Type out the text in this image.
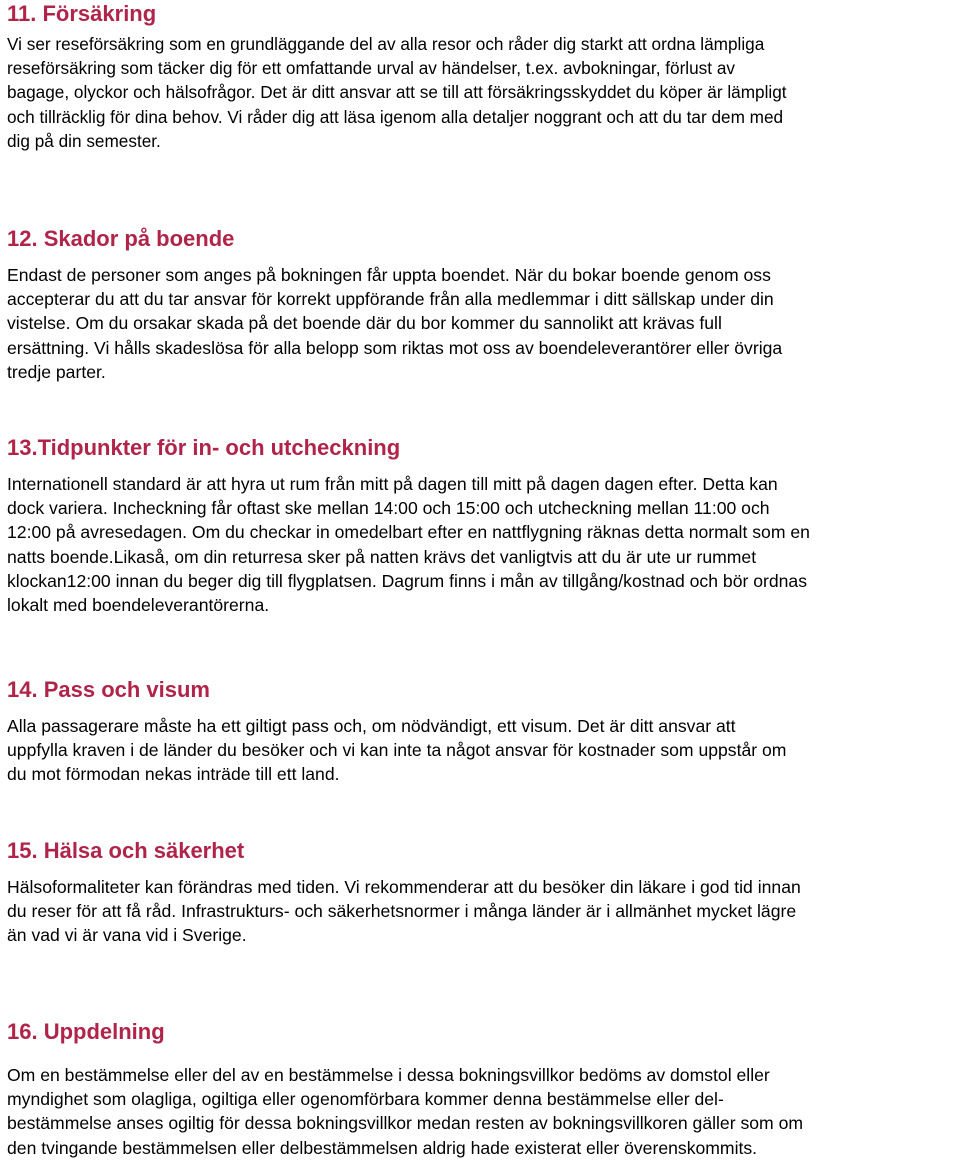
11. Försäkring

Vi ser reseförsäkring som en grundläggande del av alla resor och råder dig starkt att ordna lämpliga
reseförsäkring som täcker dig för ett omfattande urval av händelser, t.ex. avbokningar, förlust av
bagage, olyckor och hälsofrågor. Det är ditt ansvar att se till att försäkringsskyddet du köper är lämpligt
och tillräcklig för dina behov. Vi råder dig att läsa igenom alla detaljer noggrant och att du tar dem med
dig på din semester.

12. Skador på boende

Endast de personer som anges på bokningen får uppta boendet. När du bokar boende genom oss
accepterar du att du tar ansvar för korrekt uppförande från alla medlemmar i ditt sällskap under din
vistelse. Om du orsakar skada på det boende där du bor kommer du sannolikt att krävas full
ersättning. Vi hålls skadeslösa för alla belopp som riktas mot oss av boendeleverantörer eller övriga
tredje parter.

13.Tidpunkter för in- och utcheckning

Internationell standard är att hyra ut rum från mitt på dagen till mitt på dagen dagen efter. Detta kan
dock variera. Incheckning får oftast ske mellan 14:00 och 15:00 och utcheckning mellan 11:00 och
12:00 på avresedagen. Om du checkar in omedelbart efter en nattflygning räknas detta normalt som en
natts boende.Likaså, om din returresa sker på natten krävs det vanligtvis att du är ute ur rummet
klockan12:00 innan du beger dig till flygplatsen. Dagrum finns i mån av tillgång/kostnad och bör ordnas
lokalt med boendeleverantörerna.

14. Pass och visum

Alla passagerare måste ha ett giltigt pass och, om nödvändigt, ett visum. Det är ditt ansvar att
uppfylla kraven i de länder du besöker och vi kan inte ta något ansvar för kostnader som uppstår om
du mot förmodan nekas inträde till ett land.

15. Hälsa och säkerhet

Hälsoformaliteter kan förändras med tiden. Vi rekommenderar att du besöker din läkare i god tid innan
du reser för att få råd. Infrastrukturs- och säkerhetsnormer i många länder är i allmänhet mycket lägre
än vad vi är vana vid i Sverige.

16. Uppdelning

Om en bestämmelse eller del av en bestämmelse i dessa bokningsvillkor bedöms av domstol eller
myndighet som olagliga, ogiltiga eller ogenomförbara kommer denna bestämmelse eller del-
bestämmelse anses ogiltig för dessa bokningsvillkor medan resten av bokningsvillkoren gäller som om
den tvingande bestämmelsen eller delbestämmelsen aldrig hade existerat eller överenskommits.
